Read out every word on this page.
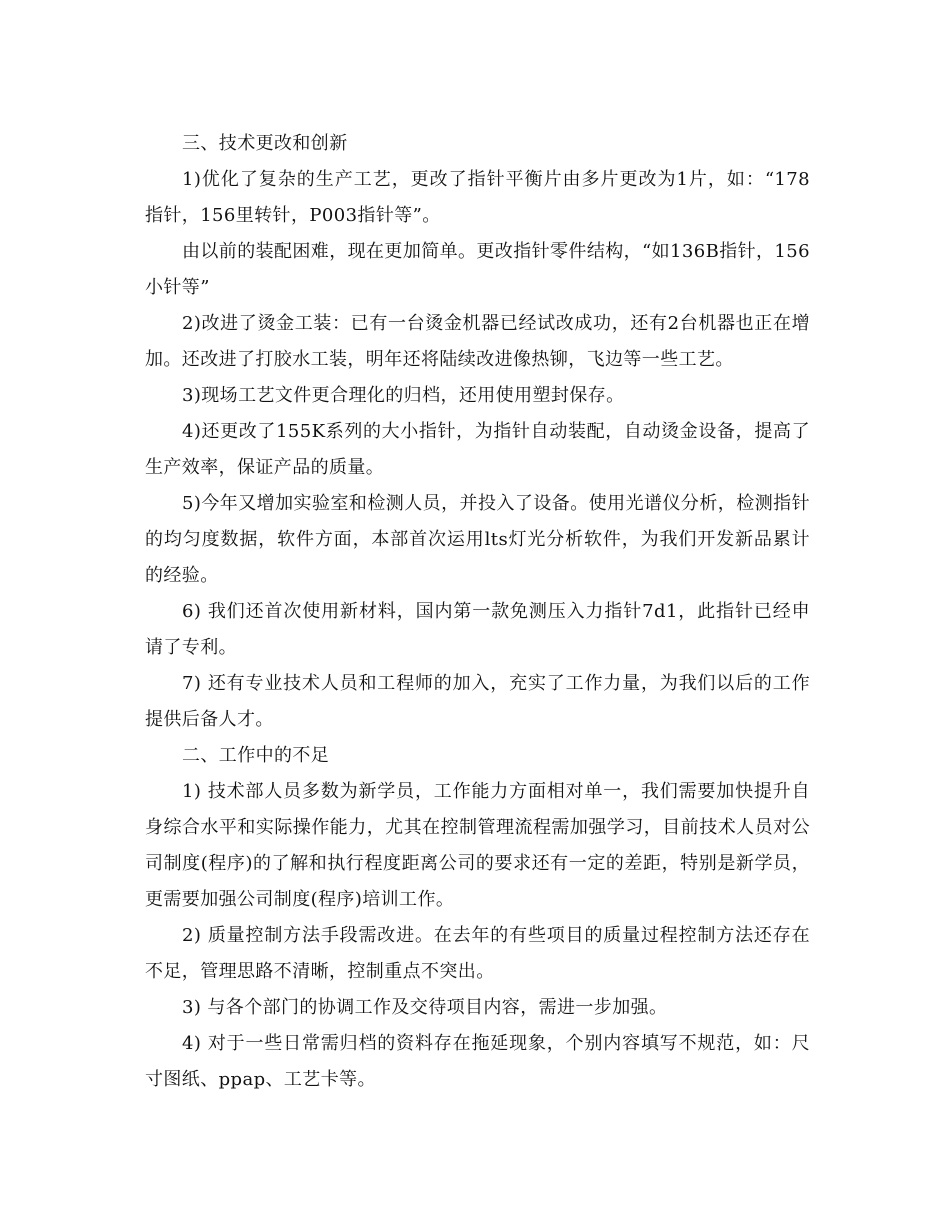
三、技术更改和创新

1)优化了复杂的生产工艺，更改了指针平衡片由多片更改为1片，如：“178指针，156里转针，P003指针等”。

由以前的装配困难，现在更加简单。更改指针零件结构，“如136B指针，156小针等”

2)改进了烫金工装：已有一台烫金机器已经试改成功，还有2台机器也正在增加。还改进了打胶水工装，明年还将陆续改进像热铆，飞边等一些工艺。

3)现场工艺文件更合理化的归档，还用使用塑封保存。

4)还更改了155K系列的大小指针，为指针自动装配，自动烫金设备，提高了生产效率，保证产品的质量。

5)今年又增加实验室和检测人员，并投入了设备。使用光谱仪分析，检测指针的均匀度数据，软件方面，本部首次运用lts灯光分析软件，为我们开发新品累计的经验。

6) 我们还首次使用新材料，国内第一款免测压入力指针7d1，此指针已经申请了专利。

7) 还有专业技术人员和工程师的加入，充实了工作力量，为我们以后的工作提供后备人才。

二、工作中的不足

1) 技术部人员多数为新学员，工作能力方面相对单一，我们需要加快提升自身综合水平和实际操作能力，尤其在控制管理流程需加强学习，目前技术人员对公司制度(程序)的了解和执行程度距离公司的要求还有一定的差距，特别是新学员，更需要加强公司制度(程序)培训工作。

2) 质量控制方法手段需改进。在去年的有些项目的质量过程控制方法还存在不足，管理思路不清晰，控制重点不突出。

3) 与各个部门的协调工作及交待项目内容，需进一步加强。

4) 对于一些日常需归档的资料存在拖延现象，个别内容填写不规范，如：尺寸图纸、ppap、工艺卡等。
